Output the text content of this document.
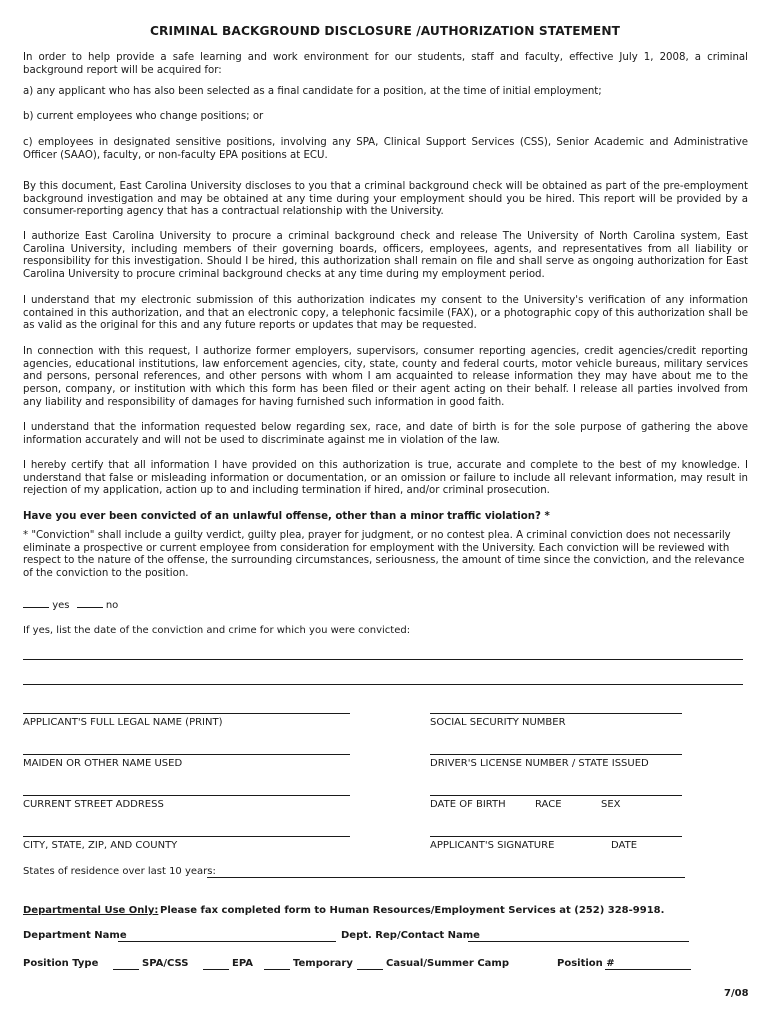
CRIMINAL BACKGROUND DISCLOSURE /AUTHORIZATION STATEMENT

In order to help provide a safe learning and work environment for our students, staff and faculty, effective July 1, 2008, a criminal background report will be acquired for:

a) any applicant who has also been selected as a final candidate for a position, at the time of initial employment;

b) current employees who change positions; or

c) employees in designated sensitive positions, involving any SPA, Clinical Support Services (CSS), Senior Academic and Administrative Officer (SAAO), faculty, or non-faculty EPA positions at ECU.

By this document, East Carolina University discloses to you that a criminal background check will be obtained as part of the pre-employment background investigation and may be obtained at any time during your employment should you be hired. This report will be provided by a consumer-reporting agency that has a contractual relationship with the University.

I authorize East Carolina University to procure a criminal background check and release The University of North Carolina system, East Carolina University, including members of their governing boards, officers, employees, agents, and representatives from all liability or responsibility for this investigation. Should I be hired, this authorization shall remain on file and shall serve as ongoing authorization for East Carolina University to procure criminal background checks at any time during my employment period.

I understand that my electronic submission of this authorization indicates my consent to the University's verification of any information contained in this authorization, and that an electronic copy, a telephonic facsimile (FAX), or a photographic copy of this authorization shall be as valid as the original for this and any future reports or updates that may be requested.

In connection with this request, I authorize former employers, supervisors, consumer reporting agencies, credit agencies/credit reporting agencies, educational institutions, law enforcement agencies, city, state, county and federal courts, motor vehicle bureaus, military services and persons, personal references, and other persons with whom I am acquainted to release information they may have about me to the person, company, or institution with which this form has been filed or their agent acting on their behalf. I release all parties involved from any liability and responsibility of damages for having furnished such information in good faith.

I understand that the information requested below regarding sex, race, and date of birth is for the sole purpose of gathering the above information accurately and will not be used to discriminate against me in violation of the law.

I hereby certify that all information I have provided on this authorization is true, accurate and complete to the best of my knowledge. I understand that false or misleading information or documentation, or an omission or failure to include all relevant information, may result in rejection of my application, action up to and including termination if hired, and/or criminal prosecution.

Have you ever been convicted of an unlawful offense, other than a minor traffic violation? *

* "Conviction" shall include a guilty verdict, guilty plea, prayer for judgment, or no contest plea. A criminal conviction does not necessarily eliminate a prospective or current employee from consideration for employment with the University. Each conviction will be reviewed with respect to the nature of the offense, the surrounding circumstances, seriousness, the amount of time since the conviction, and the relevance of the conviction to the position.

yes	no
If yes, list the date of the conviction and crime for which you were convicted:
APPLICANT'S FULL LEGAL NAME (PRINT)	SOCIAL SECURITY NUMBER
MAIDEN OR OTHER NAME USED	DRIVER'S LICENSE NUMBER / STATE ISSUED
CURRENT STREET ADDRESS	DATE OF BIRTH	RACE	SEX
CITY, STATE, ZIP, AND COUNTY	APPLICANT'S SIGNATURE	DATE
States of residence over last 10 years:
Departmental Use Only: Please fax completed form to Human Resources/Employment Services at (252) 328-9918.
Department Name	Dept. Rep/Contact Name
Position Type	SPA/CSS	EPA	Temporary	Casual/Summer Camp	Position #
7/08
